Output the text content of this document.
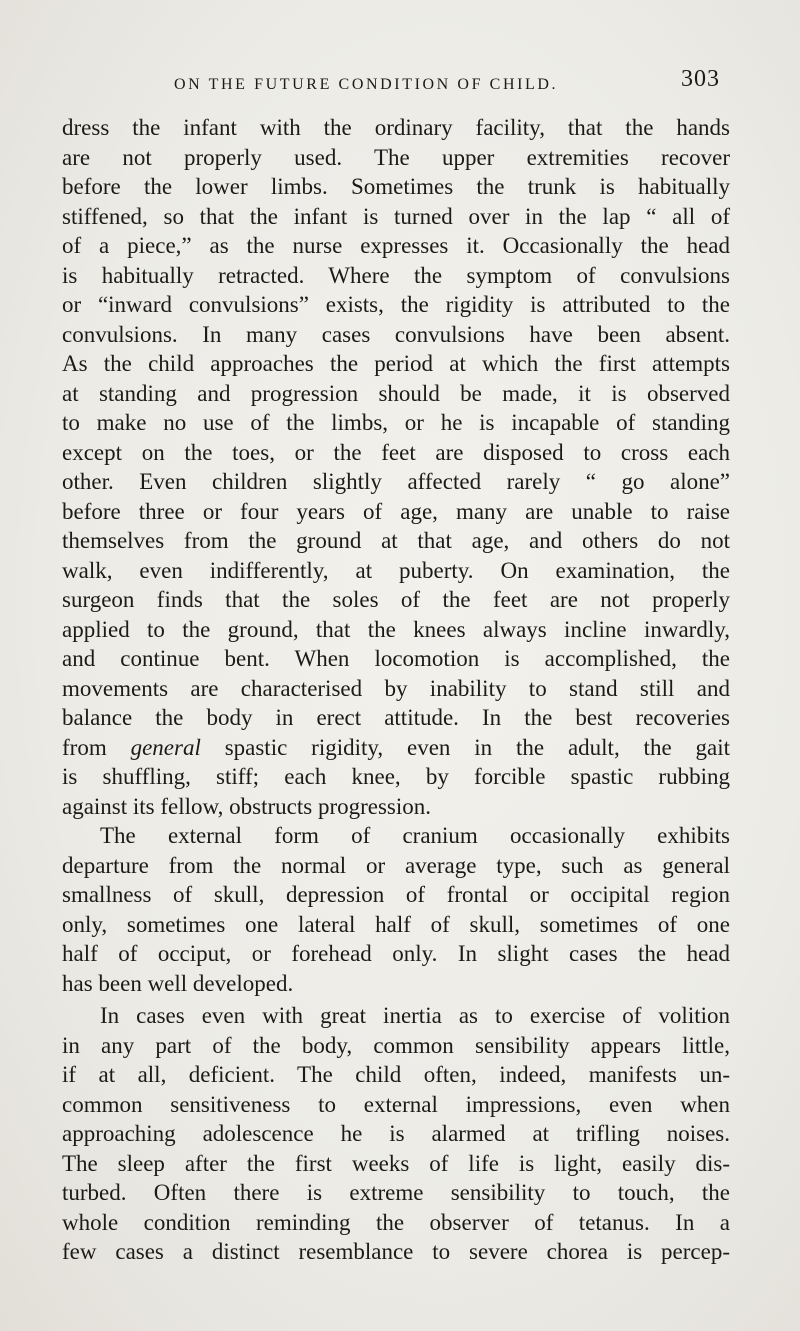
ON THE FUTURE CONDITION OF CHILD.	303
dress the infant with the ordinary facility, that the hands
are not properly used. The upper extremities recover
before the lower limbs. Sometimes the trunk is habitually
stiffened, so that the infant is turned over in the lap “ all of
of a piece,” as the nurse expresses it. Occasionally the head
is habitually retracted. Where the symptom of convulsions
or “inward convulsions” exists, the rigidity is attributed to the
convulsions. In many cases convulsions have been absent.
As the child approaches the period at which the first attempts
at standing and progression should be made, it is observed
to make no use of the limbs, or he is incapable of standing
except on the toes, or the feet are disposed to cross each
other. Even children slightly affected rarely “ go alone”
before three or four years of age, many are unable to raise
themselves from the ground at that age, and others do not
walk, even indifferently, at puberty. On examination, the
surgeon finds that the soles of the feet are not properly
applied to the ground, that the knees always incline inwardly,
and continue bent. When locomotion is accomplished, the
movements are characterised by inability to stand still and
balance the body in erect attitude. In the best recoveries
from general spastic rigidity, even in the adult, the gait
is shuffling, stiff; each knee, by forcible spastic rubbing
against its fellow, obstructs progression.
The external form of cranium occasionally exhibits
departure from the normal or average type, such as general
smallness of skull, depression of frontal or occipital region
only, sometimes one lateral half of skull, sometimes of one
half of occiput, or forehead only. In slight cases the head
has been well developed.
In cases even with great inertia as to exercise of volition
in any part of the body, common sensibility appears little,
if at all, deficient. The child often, indeed, manifests un-
common sensitiveness to external impressions, even when
approaching adolescence he is alarmed at trifling noises.
The sleep after the first weeks of life is light, easily dis-
turbed. Often there is extreme sensibility to touch, the
whole condition reminding the observer of tetanus. In a
few cases a distinct resemblance to severe chorea is percep-
